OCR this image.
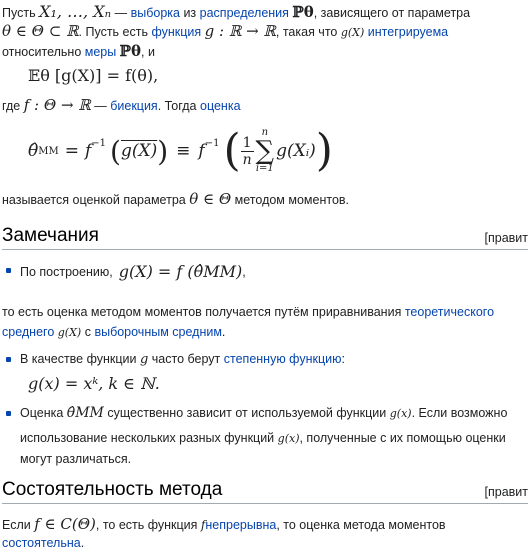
Пусть X₁, …, Xₙ — выборка из распределения ℙθ, зависящего от параметра
θ ∈ Θ ⊂ ℝ. Пусть есть функция g : ℝ → ℝ, такая что g(X) интегрируема
относительно меры ℙθ, и
𝔼θ [g(X)] = f(θ),
где f : Θ → ℝ — биекция. Тогда оценка
θ̂ MM = f −1 ( g(X) ) ≡ f −1 ( $\frac{1}{n}$
n
∑
i=1
g(Xᵢ) )
называется оценкой параметра θ ∈ Θ методом моментов.
Замечания	[правит
По построению, g(X) = f (θ̂MM) ,
то есть оценка методом моментов получается путём приравнивания теоретического
среднего g(X) с выборочным средним.
В качестве функции g часто берут степенную функцию:
g(x) = xᵏ, k ∈ ℕ.
Оценка θ̂MM существенно зависит от используемой функции g(x). Если возможно
использование нескольких разных функций g(x), полученные с их помощью оценки
могут различаться.
Состоятельность метода	[правит
Если f ∈ C(Θ), то есть функция fнепрерывна, то оценка метода моментов
состоятельна.
